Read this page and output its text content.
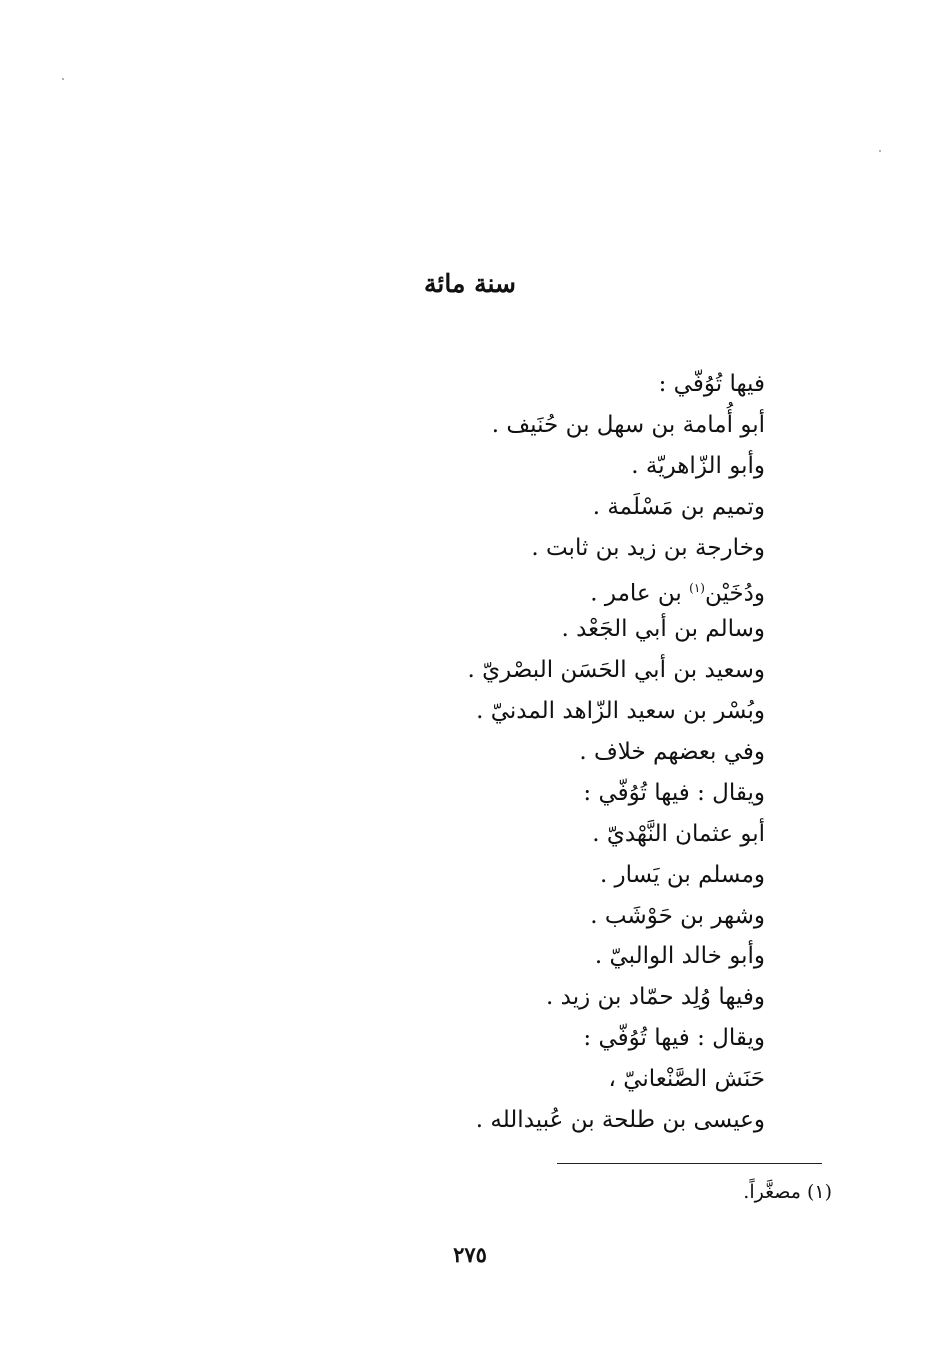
سنة مائة
فيها تُوُفّي :
أبو أُمامة بن سهل بن حُنَيف .
وأبو الزّاهريّة .
وتميم بن مَسْلَمة .
وخارجة بن زيد بن ثابت .
ودُخَيْن$^{(١)}$ بن عامر .
وسالم بن أبي الجَعْد .
وسعيد بن أبي الحَسَن البصْريّ .
وبُسْر بن سعيد الزّاهد المدنيّ .
وفي بعضهم خلاف .
ويقال : فيها تُوُفّي :
أبو عثمان النَّهْديّ .
ومسلم بن يَسار .
وشهر بن حَوْشَب .
وأبو خالد الوالبيّ .
وفيها وُلِد حمّاد بن زيد .
ويقال : فيها تُوُفّي :
حَنَش الصَّنْعانيّ ،
وعيسى بن طلحة بن عُبيدالله .
(١) مصغَّراً.
٢٧٥
